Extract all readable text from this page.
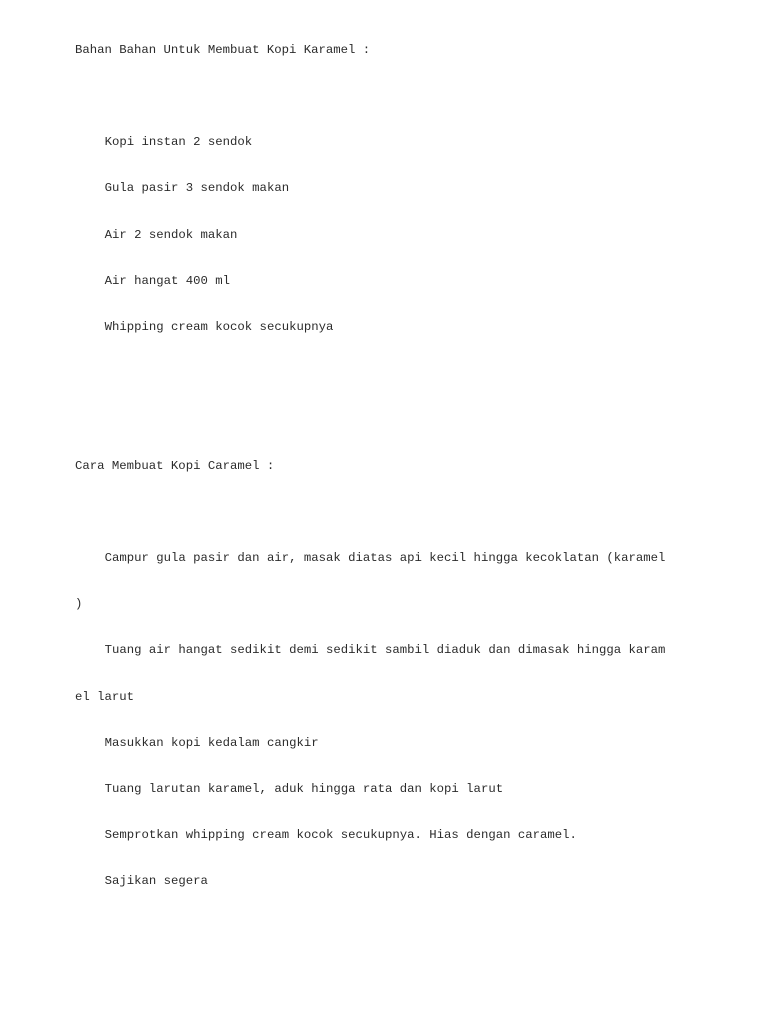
Bahan Bahan Untuk Membuat Kopi Karamel :

Kopi instan 2 sendok

Gula pasir 3 sendok makan

Air 2 sendok makan

Air hangat 400 ml

Whipping cream kocok secukupnya

Cara Membuat Kopi Caramel :

Campur gula pasir dan air, masak diatas api kecil hingga kecoklatan (karamel

)

Tuang air hangat sedikit demi sedikit sambil diaduk dan dimasak hingga karam

el larut

Masukkan kopi kedalam cangkir

Tuang larutan karamel, aduk hingga rata dan kopi larut

Semprotkan whipping cream kocok secukupnya. Hias dengan caramel.

Sajikan segera
